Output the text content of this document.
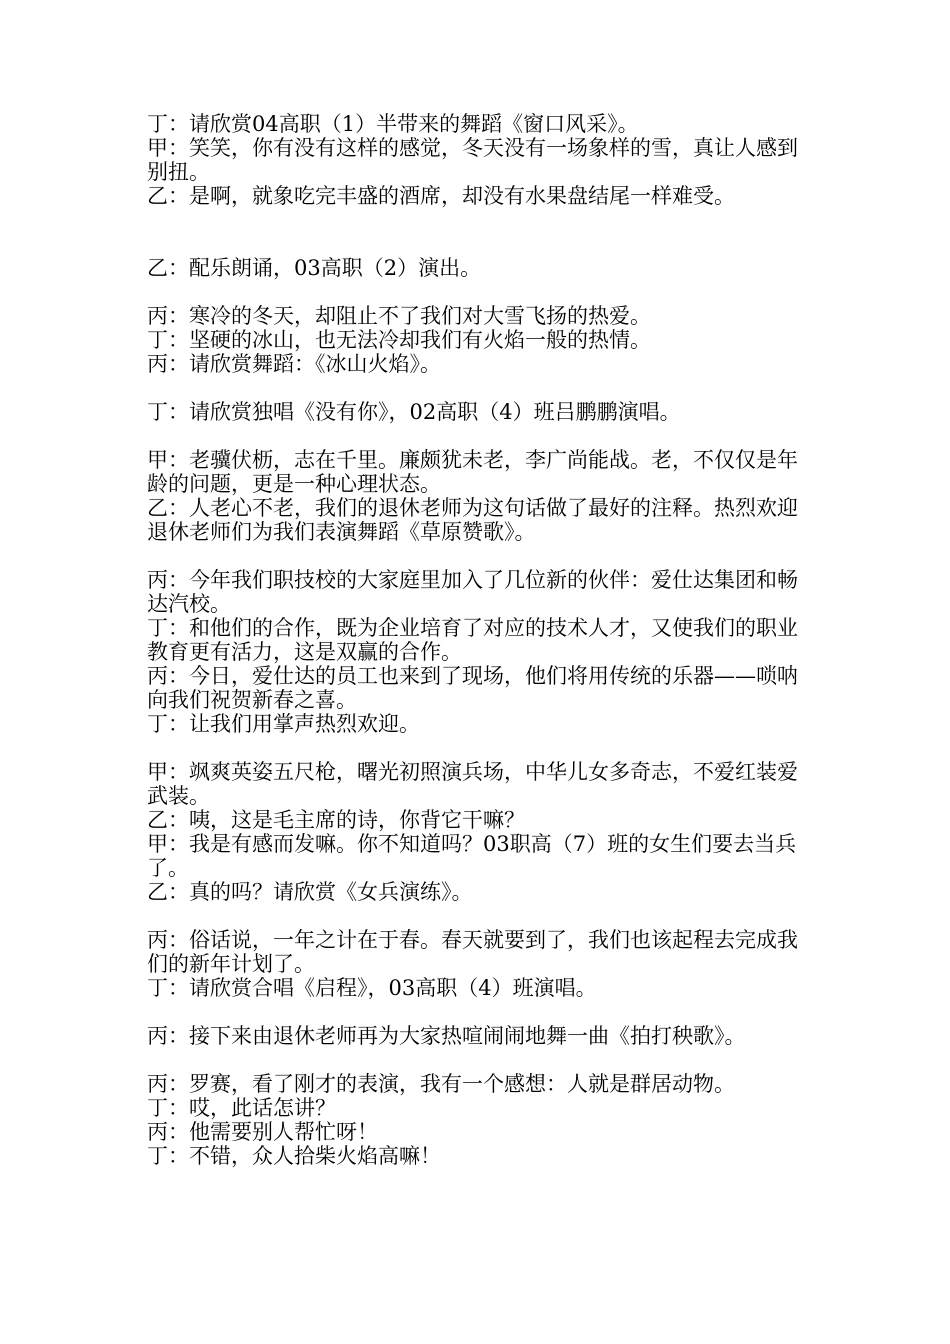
丁：请欣赏04高职（1）半带来的舞蹈《窗口风采》。

甲：笑笑，你有没有这样的感觉，冬天没有一场象样的雪，真让人感到别扭。

乙：是啊，就象吃完丰盛的酒席，却没有水果盘结尾一样难受。

乙：配乐朗诵，03高职（2）演出。

丙：寒冷的冬天，却阻止不了我们对大雪飞扬的热爱。

丁：坚硬的冰山，也无法冷却我们有火焰一般的热情。

丙：请欣赏舞蹈：《冰山火焰》。

丁：请欣赏独唱《没有你》，02高职（4）班吕鹏鹏演唱。

甲：老骥伏枥，志在千里。廉颇犹未老，李广尚能战。老，不仅仅是年龄的问题，更是一种心理状态。

乙：人老心不老，我们的退休老师为这句话做了最好的注释。热烈欢迎退休老师们为我们表演舞蹈《草原赞歌》。

丙：今年我们职技校的大家庭里加入了几位新的伙伴：爱仕达集团和畅达汽校。

丁：和他们的合作，既为企业培育了对应的技术人才，又使我们的职业教育更有活力，这是双赢的合作。

丙：今日，爱仕达的员工也来到了现场，他们将用传统的乐器——唢呐向我们祝贺新春之喜。

丁：让我们用掌声热烈欢迎。

甲：飒爽英姿五尺枪，曙光初照演兵场，中华儿女多奇志，不爱红装爱武装。

乙：咦，这是毛主席的诗，你背它干嘛？

甲：我是有感而发嘛。你不知道吗？03职高（7）班的女生们要去当兵了。

乙：真的吗？请欣赏《女兵演练》。

丙：俗话说，一年之计在于春。春天就要到了，我们也该起程去完成我们的新年计划了。

丁：请欣赏合唱《启程》，03高职（4）班演唱。

丙：接下来由退休老师再为大家热喧闹闹地舞一曲《拍打秧歌》。

丙：罗赛，看了刚才的表演，我有一个感想：人就是群居动物。

丁：哎，此话怎讲？

丙：他需要别人帮忙呀！

丁：不错，众人拾柴火焰高嘛！
